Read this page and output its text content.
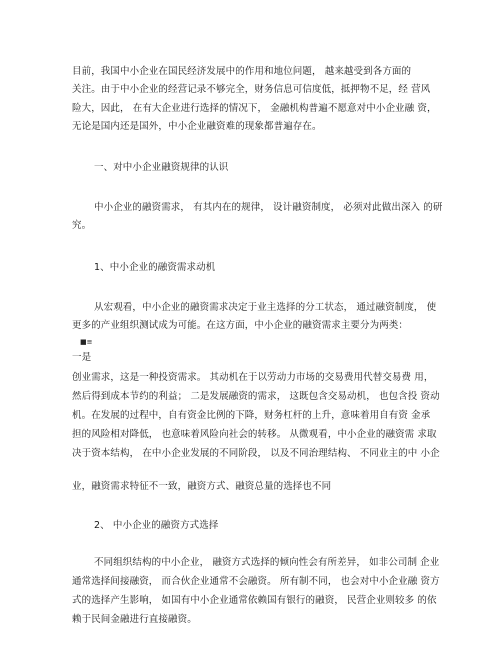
目前，我国中小企业在国民经济发展中的作用和地位问题， 越来越受到各方面的
关注。由于中小企业的经营记录不够完全，财务信息可信度低，抵押物不足，经 营风
险大，因此， 在有大企业进行选择的情况下， 金融机构普遍不愿意对中小企业融 资，
无论是国内还是国外，中小企业融资难的现象都普遍存在。
一、对中小企业融资规律的认识
中小企业的融资需求， 有其内在的规律， 设计融资制度， 必须对此做出深入 的研
究。
1、中小企业的融资需求动机
从宏观看，中小企业的融资需求决定于业主选择的分工状态， 通过融资制度， 使
更多的产业组织测试成为可能。在这方面，中小企业的融资需求主要分为两类：
■≡
一是
创业需求，这是一种投资需求。 其动机在于以劳动力市场的交易费用代替交易费 用，
然后得到成本节约的利益； 二是发展融资的需求， 这既包含交易动机， 也包含投 资动
机。在发展的过程中，自有资金比例的下降，财务杠杆的上升，意味着用自有资 金承
担的风险相对降低， 也意味着风险向社会的转移。 从微观看，中小企业的融资需 求取
决于资本结构， 在中小企业发展的不同阶段， 以及不同治理结构、 不同业主的中 小企
业，融资需求特征不一致，融资方式、融资总量的选择也不同
2、 中小企业的融资方式选择
不同组织结构的中小企业， 融资方式选择的倾向性会有所差异， 如非公司制 企业
通常选择间接融资， 而合伙企业通常不会融资。 所有制不同， 也会对中小企业融 资方
式的选择产生影响， 如国有中小企业通常依赖国有银行的融资， 民营企业则较多 的依
赖于民间金融进行直接融资。
